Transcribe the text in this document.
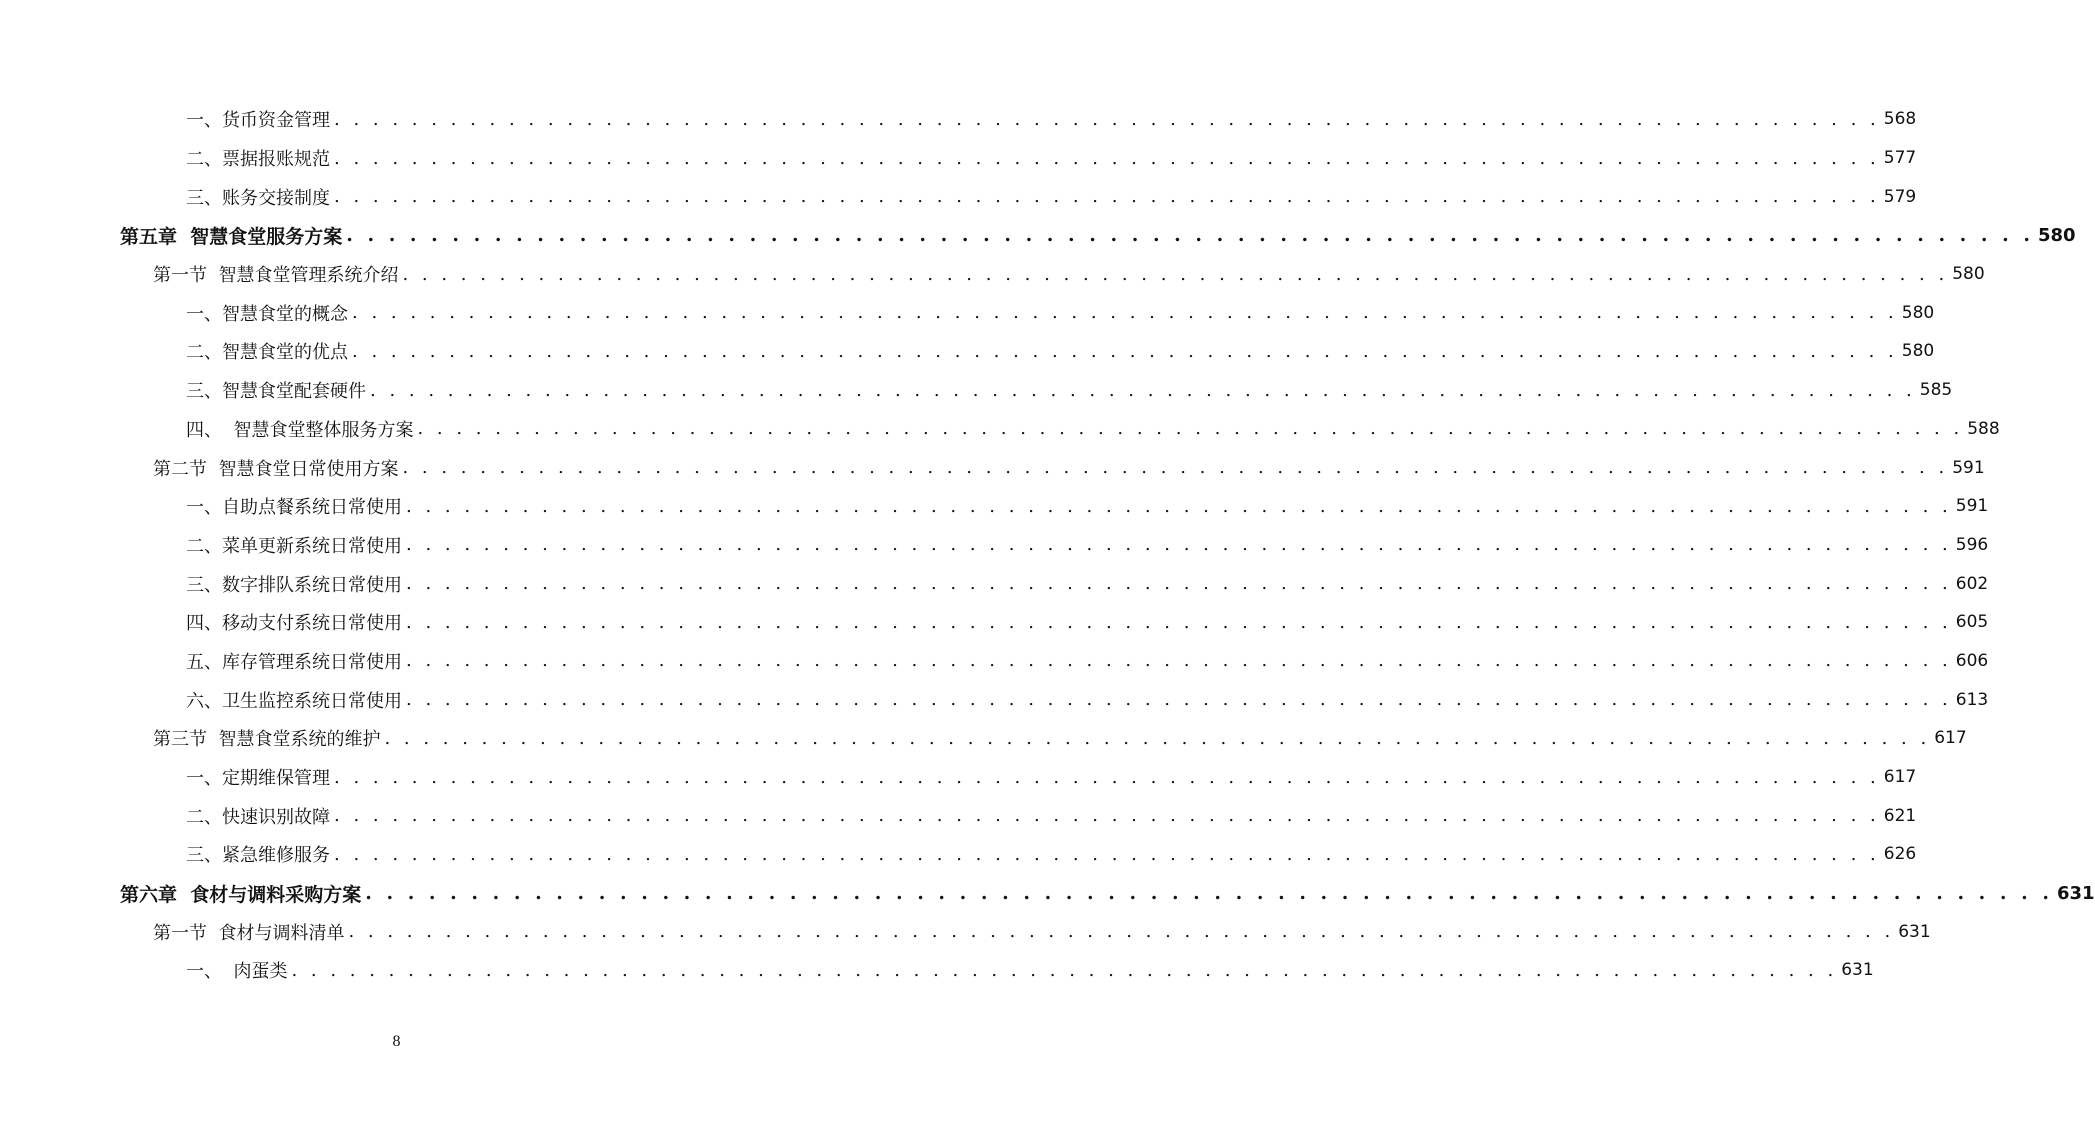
一、货币资金管理 . . . . . . . . . . . . . . . . . . . . . . . . . . . . . . . . . . . . . . . . . . . . . . . . . . . . . . . . . . . . . . . . . . . . . . . . . . . . . . . . 568
二、票据报账规范 . . . . . . . . . . . . . . . . . . . . . . . . . . . . . . . . . . . . . . . . . . . . . . . . . . . . . . . . . . . . . . . . . . . . . . . . . . . . . . . . 577
三、账务交接制度 . . . . . . . . . . . . . . . . . . . . . . . . . . . . . . . . . . . . . . . . . . . . . . . . . . . . . . . . . . . . . . . . . . . . . . . . . . . . . . . . 579
第五章  智慧食堂服务方案 . . . . . . . . . . . . . . . . . . . . . . . . . . . . . . . . . . . . . . . . . . . . . . . . . . . . . . . . . . . . . . . . . . . . . . . . . . . . . . . . 580
第一节  智慧食堂管理系统介绍 . . . . . . . . . . . . . . . . . . . . . . . . . . . . . . . . . . . . . . . . . . . . . . . . . . . . . . . . . . . . . . . . . . . . . . . . . . . . . . . . 580
一、智慧食堂的概念 . . . . . . . . . . . . . . . . . . . . . . . . . . . . . . . . . . . . . . . . . . . . . . . . . . . . . . . . . . . . . . . . . . . . . . . . . . . . . . . . 580
二、智慧食堂的优点 . . . . . . . . . . . . . . . . . . . . . . . . . . . . . . . . . . . . . . . . . . . . . . . . . . . . . . . . . . . . . . . . . . . . . . . . . . . . . . . . 580
三、智慧食堂配套硬件 . . . . . . . . . . . . . . . . . . . . . . . . . . . . . . . . . . . . . . . . . . . . . . . . . . . . . . . . . . . . . . . . . . . . . . . . . . . . . . . . 585
四、  智慧食堂整体服务方案 . . . . . . . . . . . . . . . . . . . . . . . . . . . . . . . . . . . . . . . . . . . . . . . . . . . . . . . . . . . . . . . . . . . . . . . . . . . . . . . . 588
第二节  智慧食堂日常使用方案 . . . . . . . . . . . . . . . . . . . . . . . . . . . . . . . . . . . . . . . . . . . . . . . . . . . . . . . . . . . . . . . . . . . . . . . . . . . . . . . . 591
一、自助点餐系统日常使用 . . . . . . . . . . . . . . . . . . . . . . . . . . . . . . . . . . . . . . . . . . . . . . . . . . . . . . . . . . . . . . . . . . . . . . . . . . . . . . . . 591
二、菜单更新系统日常使用 . . . . . . . . . . . . . . . . . . . . . . . . . . . . . . . . . . . . . . . . . . . . . . . . . . . . . . . . . . . . . . . . . . . . . . . . . . . . . . . . 596
三、数字排队系统日常使用 . . . . . . . . . . . . . . . . . . . . . . . . . . . . . . . . . . . . . . . . . . . . . . . . . . . . . . . . . . . . . . . . . . . . . . . . . . . . . . . . 602
四、移动支付系统日常使用 . . . . . . . . . . . . . . . . . . . . . . . . . . . . . . . . . . . . . . . . . . . . . . . . . . . . . . . . . . . . . . . . . . . . . . . . . . . . . . . . 605
五、库存管理系统日常使用 . . . . . . . . . . . . . . . . . . . . . . . . . . . . . . . . . . . . . . . . . . . . . . . . . . . . . . . . . . . . . . . . . . . . . . . . . . . . . . . . 606
六、卫生监控系统日常使用 . . . . . . . . . . . . . . . . . . . . . . . . . . . . . . . . . . . . . . . . . . . . . . . . . . . . . . . . . . . . . . . . . . . . . . . . . . . . . . . . 613
第三节  智慧食堂系统的维护 . . . . . . . . . . . . . . . . . . . . . . . . . . . . . . . . . . . . . . . . . . . . . . . . . . . . . . . . . . . . . . . . . . . . . . . . . . . . . . . . 617
一、定期维保管理 . . . . . . . . . . . . . . . . . . . . . . . . . . . . . . . . . . . . . . . . . . . . . . . . . . . . . . . . . . . . . . . . . . . . . . . . . . . . . . . . 617
二、快速识别故障 . . . . . . . . . . . . . . . . . . . . . . . . . . . . . . . . . . . . . . . . . . . . . . . . . . . . . . . . . . . . . . . . . . . . . . . . . . . . . . . . 621
三、紧急维修服务 . . . . . . . . . . . . . . . . . . . . . . . . . . . . . . . . . . . . . . . . . . . . . . . . . . . . . . . . . . . . . . . . . . . . . . . . . . . . . . . . 626
第六章  食材与调料采购方案 . . . . . . . . . . . . . . . . . . . . . . . . . . . . . . . . . . . . . . . . . . . . . . . . . . . . . . . . . . . . . . . . . . . . . . . . . . . . . . . . 631
第一节  食材与调料清单 . . . . . . . . . . . . . . . . . . . . . . . . . . . . . . . . . . . . . . . . . . . . . . . . . . . . . . . . . . . . . . . . . . . . . . . . . . . . . . . . 631
一、  肉蛋类 . . . . . . . . . . . . . . . . . . . . . . . . . . . . . . . . . . . . . . . . . . . . . . . . . . . . . . . . . . . . . . . . . . . . . . . . . . . . . . . . 631
8
